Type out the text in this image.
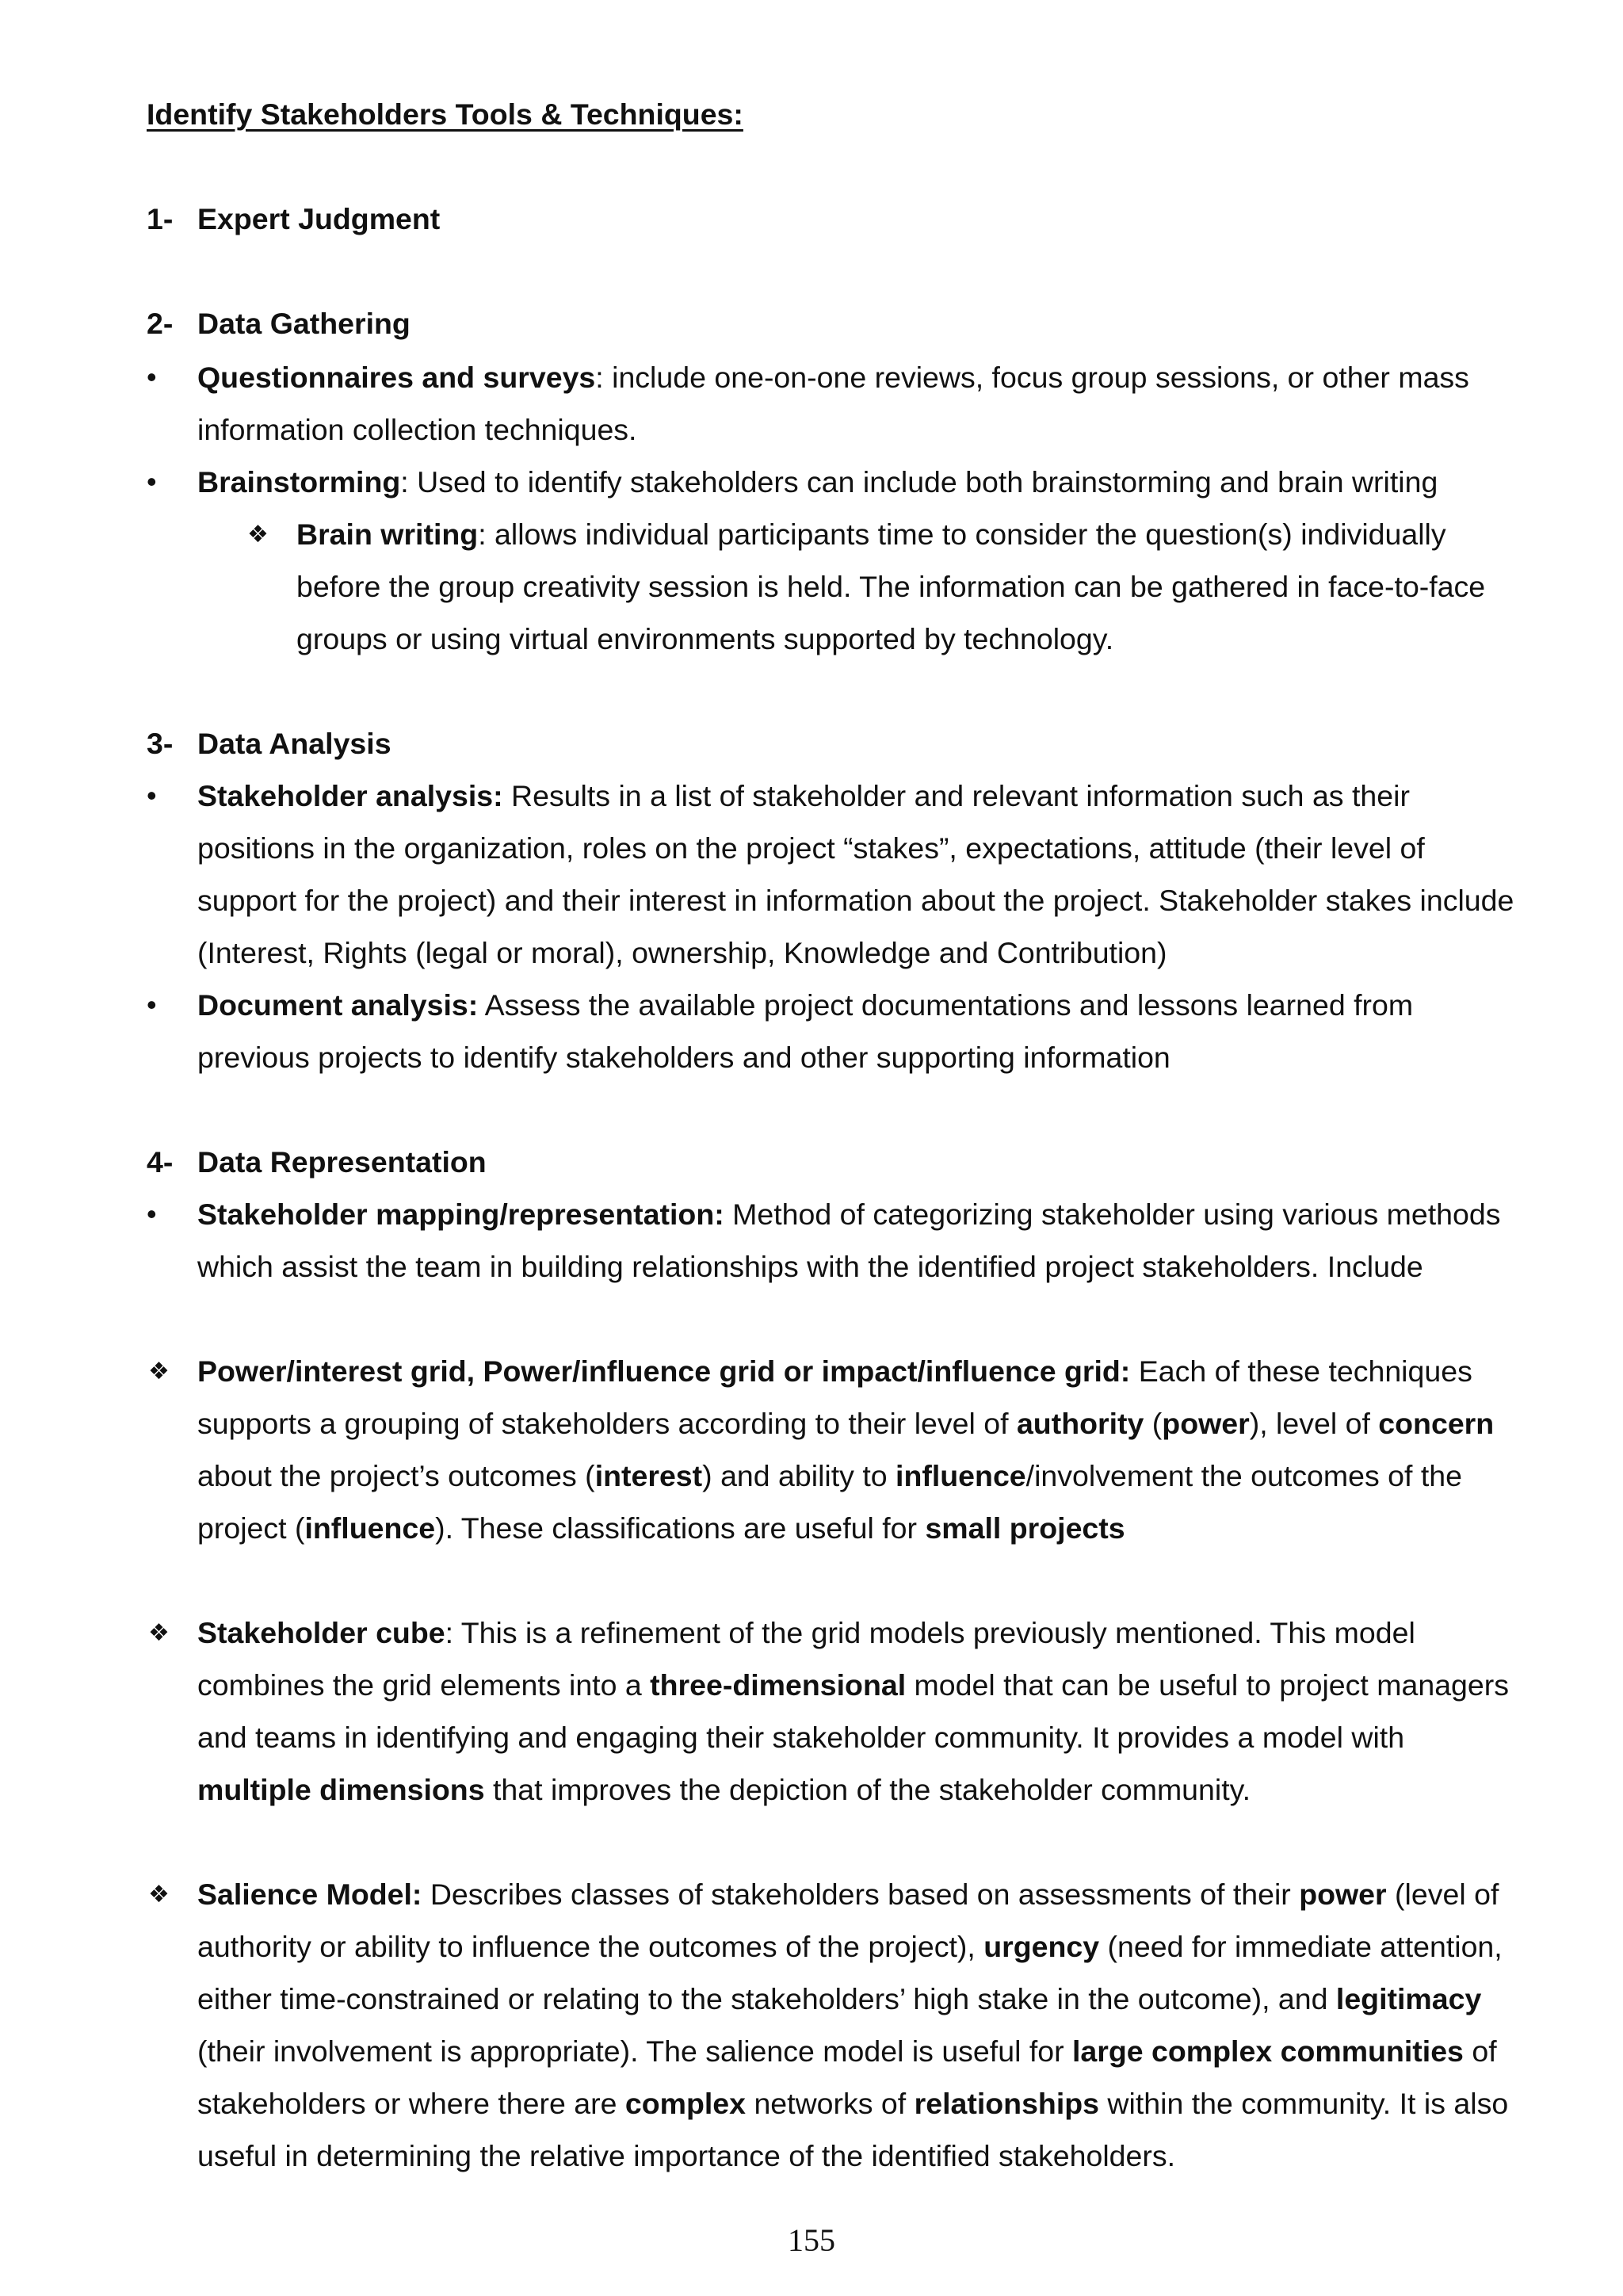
Identify Stakeholders Tools & Techniques:
1- Expert Judgment
2- Data Gathering
• Questionnaires and surveys: include one-on-one reviews, focus group sessions, or other mass
information collection techniques.
• Brainstorming: Used to identify stakeholders can include both brainstorming and brain writing
❖ Brain writing: allows individual participants time to consider the question(s) individually
before the group creativity session is held. The information can be gathered in face-to-face
groups or using virtual environments supported by technology.
3- Data Analysis
• Stakeholder analysis: Results in a list of stakeholder and relevant information such as their
positions in the organization, roles on the project “stakes”, expectations, attitude (their level of
support for the project) and their interest in information about the project. Stakeholder stakes include
(Interest, Rights (legal or moral), ownership, Knowledge and Contribution)
• Document analysis: Assess the available project documentations and lessons learned from
previous projects to identify stakeholders and other supporting information
4- Data Representation
• Stakeholder mapping/representation: Method of categorizing stakeholder using various methods
which assist the team in building relationships with the identified project stakeholders. Include
❖ Power/interest grid, Power/influence grid or impact/influence grid: Each of these techniques
supports a grouping of stakeholders according to their level of authority (power), level of concern
about the project’s outcomes (interest) and ability to influence/involvement the outcomes of the
project (influence). These classifications are useful for small projects
❖ Stakeholder cube: This is a refinement of the grid models previously mentioned. This model
combines the grid elements into a three-dimensional model that can be useful to project managers
and teams in identifying and engaging their stakeholder community. It provides a model with
multiple dimensions that improves the depiction of the stakeholder community.
❖ Salience Model: Describes classes of stakeholders based on assessments of their power (level of
authority or ability to influence the outcomes of the project), urgency (need for immediate attention,
either time-constrained or relating to the stakeholders’ high stake in the outcome), and legitimacy
(their involvement is appropriate). The salience model is useful for large complex communities of
stakeholders or where there are complex networks of relationships within the community. It is also
useful in determining the relative importance of the identified stakeholders.
155
